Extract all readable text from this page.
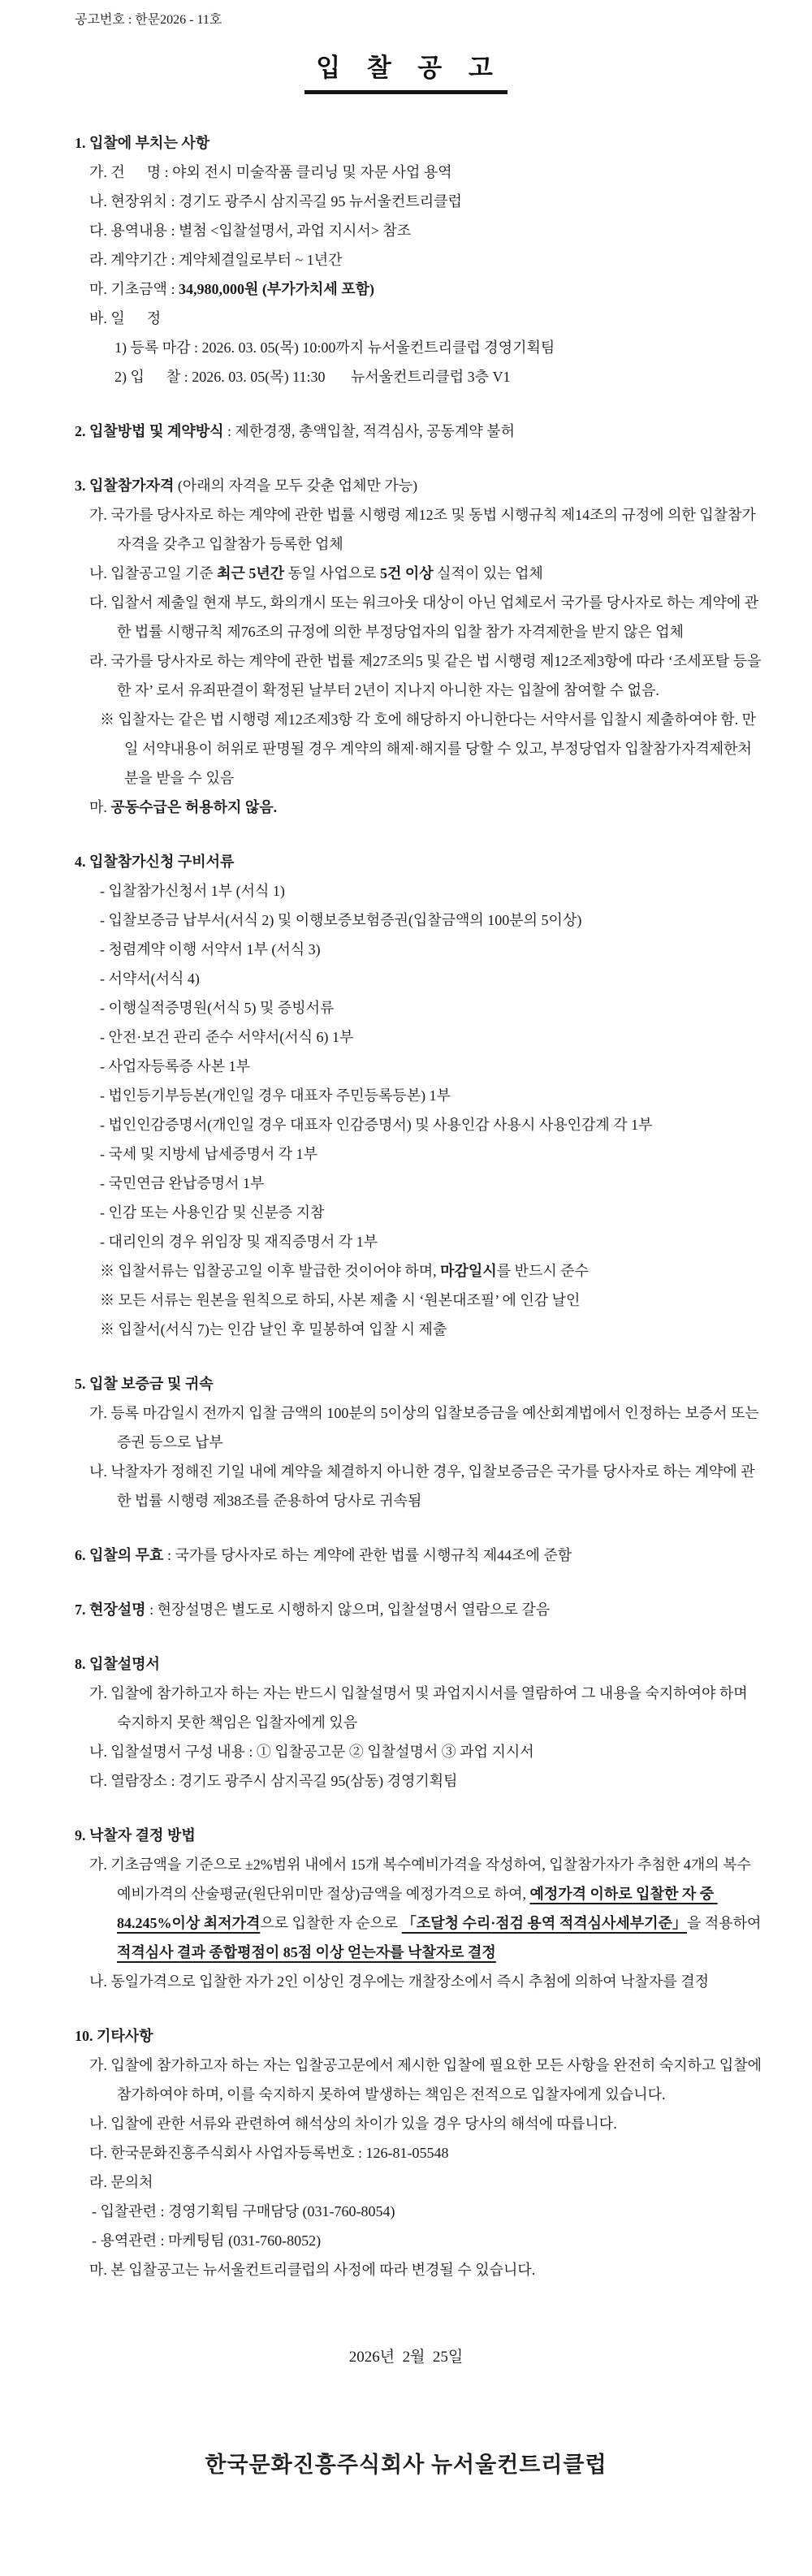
공고번호 : 한문2026 - 11호
입 찰 공 고
1. 입찰에 부치는 사항
가. 건      명 : 야외 전시 미술작품 클리닝 및 자문 사업 용역
나. 현장위치 : 경기도 광주시 삼지곡길 95 뉴서울컨트리클럽
다. 용역내용 : 별첨 <입찰설명서, 과업 지시서> 참조
라. 계약기간 : 계약체결일로부터 ~ 1년간
마. 기초금액 : 34,980,000원 (부가가치세 포함)
바. 일      정
1) 등록 마감 : 2026. 03. 05(목) 10:00까지 뉴서울컨트리클럽 경영기획팀
2) 입      찰 : 2026. 03. 05(목) 11:30       뉴서울컨트리클럽 3층 V1
2. 입찰방법 및 계약방식 : 제한경쟁, 총액입찰, 적격심사, 공동계약 불허
3. 입찰참가자격 (아래의 자격을 모두 갖춘 업체만 가능)
가. 국가를 당사자로 하는 계약에 관한 법률 시행령 제12조 및 동법 시행규칙 제14조의 규정에 의한 입찰참가자격을 갖추고 입찰참가 등록한 업체
나. 입찰공고일 기준 최근 5년간 동일 사업으로 5건 이상 실적이 있는 업체
다. 입찰서 제출일 현재 부도, 화의개시 또는 워크아웃 대상이 아닌 업체로서 국가를 당사자로 하는 계약에 관한 법률 시행규칙 제76조의 규정에 의한 부정당업자의 입찰 참가 자격제한을 받지 않은 업체
라. 국가를 당사자로 하는 계약에 관한 법률 제27조의5 및 같은 법 시행령 제12조제3항에 따라 ‘조세포탈 등을 한 자’ 로서 유죄판결이 확정된 날부터 2년이 지나지 아니한 자는 입찰에 참여할 수 없음.
※ 입찰자는 같은 법 시행령 제12조제3항 각 호에 해당하지 아니한다는 서약서를 입찰시 제출하여야 함. 만일 서약내용이 허위로 판명될 경우 계약의 해제·해지를 당할 수 있고, 부정당업자 입찰참가자격제한처분을 받을 수 있음
마. 공동수급은 허용하지 않음.
4. 입찰참가신청 구비서류
- 입찰참가신청서 1부 (서식 1)
- 입찰보증금 납부서(서식 2) 및 이행보증보험증권(입찰금액의 100분의 5이상)
- 청렴계약 이행 서약서 1부 (서식 3)
- 서약서(서식 4)
- 이행실적증명원(서식 5) 및 증빙서류
- 안전·보건 관리 준수 서약서(서식 6) 1부
- 사업자등록증 사본 1부
- 법인등기부등본(개인일 경우 대표자 주민등록등본) 1부
- 법인인감증명서(개인일 경우 대표자 인감증명서) 및 사용인감 사용시 사용인감계 각 1부
- 국세 및 지방세 납세증명서 각 1부
- 국민연금 완납증명서 1부
- 인감 또는 사용인감 및 신분증 지참
- 대리인의 경우 위임장 및 재직증명서 각 1부
※ 입찰서류는 입찰공고일 이후 발급한 것이어야 하며, 마감일시를 반드시 준수
※ 모든 서류는 원본을 원칙으로 하되, 사본 제출 시 ‘원본대조필’ 에 인감 날인
※ 입찰서(서식 7)는 인감 날인 후 밀봉하여 입찰 시 제출
5. 입찰 보증금 및 귀속
가. 등록 마감일시 전까지 입찰 금액의 100분의 5이상의 입찰보증금을 예산회계법에서 인정하는 보증서 또는 증권 등으로 납부
나. 낙찰자가 정해진 기일 내에 계약을 체결하지 아니한 경우, 입찰보증금은 국가를 당사자로 하는 계약에 관한 법률 시행령 제38조를 준용하여 당사로 귀속됨
6. 입찰의 무효 : 국가를 당사자로 하는 계약에 관한 법률 시행규칙 제44조에 준함
7. 현장설명 : 현장설명은 별도로 시행하지 않으며, 입찰설명서 열람으로 갈음
8. 입찰설명서
가. 입찰에 참가하고자 하는 자는 반드시 입찰설명서 및 과업지시서를 열람하여 그 내용을 숙지하여야 하며 숙지하지 못한 책임은 입찰자에게 있음
나. 입찰설명서 구성 내용 : ① 입찰공고문 ② 입찰설명서 ③ 과업 지시서
다. 열람장소 : 경기도 광주시 삼지곡길 95(삼동) 경영기획팀
9. 낙찰자 결정 방법
가. 기초금액을 기준으로 ±2%범위 내에서 15개 복수예비가격을 작성하여, 입찰참가자가 추첨한 4개의 복수예비가격의 산술평균(원단위미만 절상)금액을 예정가격으로 하여, 예정가격 이하로 입찰한 자 중 84.245%이상 최저가격으로 입찰한 자 순으로 「조달청 수리·점검 용역 적격심사세부기준」을 적용하여 적격심사 결과 종합평점이 85점 이상 얻는자를 낙찰자로 결정
나. 동일가격으로 입찰한 자가 2인 이상인 경우에는 개찰장소에서 즉시 추첨에 의하여 낙찰자를 결정
10. 기타사항
가. 입찰에 참가하고자 하는 자는 입찰공고문에서 제시한 입찰에 필요한 모든 사항을 완전히 숙지하고 입찰에 참가하여야 하며, 이를 숙지하지 못하여 발생하는 책임은 전적으로 입찰자에게 있습니다.
나. 입찰에 관한 서류와 관련하여 해석상의 차이가 있을 경우 당사의 해석에 따릅니다.
다. 한국문화진흥주식회사 사업자등록번호 : 126-81-05548
라. 문의처
- 입찰관련 : 경영기획팀 구매담당 (031-760-8054)
- 용역관련 : 마케팅팀 (031-760-8052)
마. 본 입찰공고는 뉴서울컨트리클럽의 사정에 따라 변경될 수 있습니다.
2026년  2월  25일
한국문화진흥주식회사 뉴서울컨트리클럽
